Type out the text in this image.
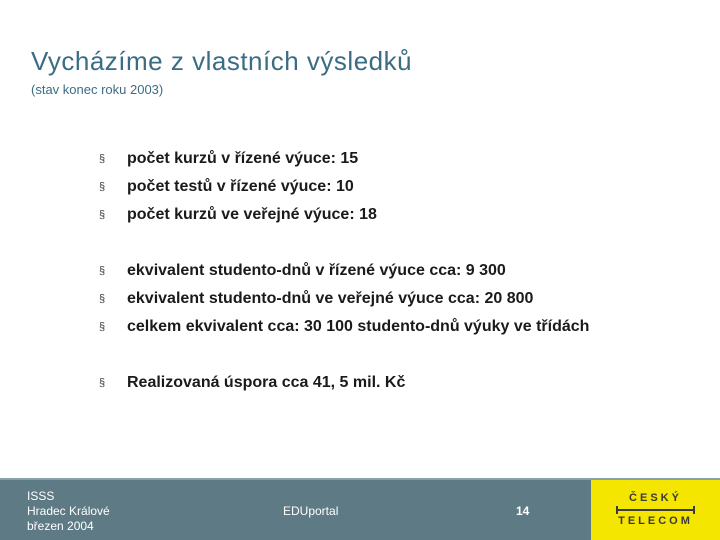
Vycházíme z vlastních výsledků
(stav konec roku 2003)
§	počet kurzů v řízené výuce: 15
§	počet testů v řízené výuce: 10
§	počet kurzů ve veřejné výuce: 18
§	ekvivalent studento-dnů v řízené výuce cca: 9 300
§	ekvivalent studento-dnů ve veřejné výuce cca: 20 800
§	celkem ekvivalent cca: 30 100 studento-dnů výuky ve třídách
§	Realizovaná úspora cca 41, 5 mil. Kč
ISSS
Hradec Králové
březen 2004
EDUportal	14
ČESKÝ
TELECOM
